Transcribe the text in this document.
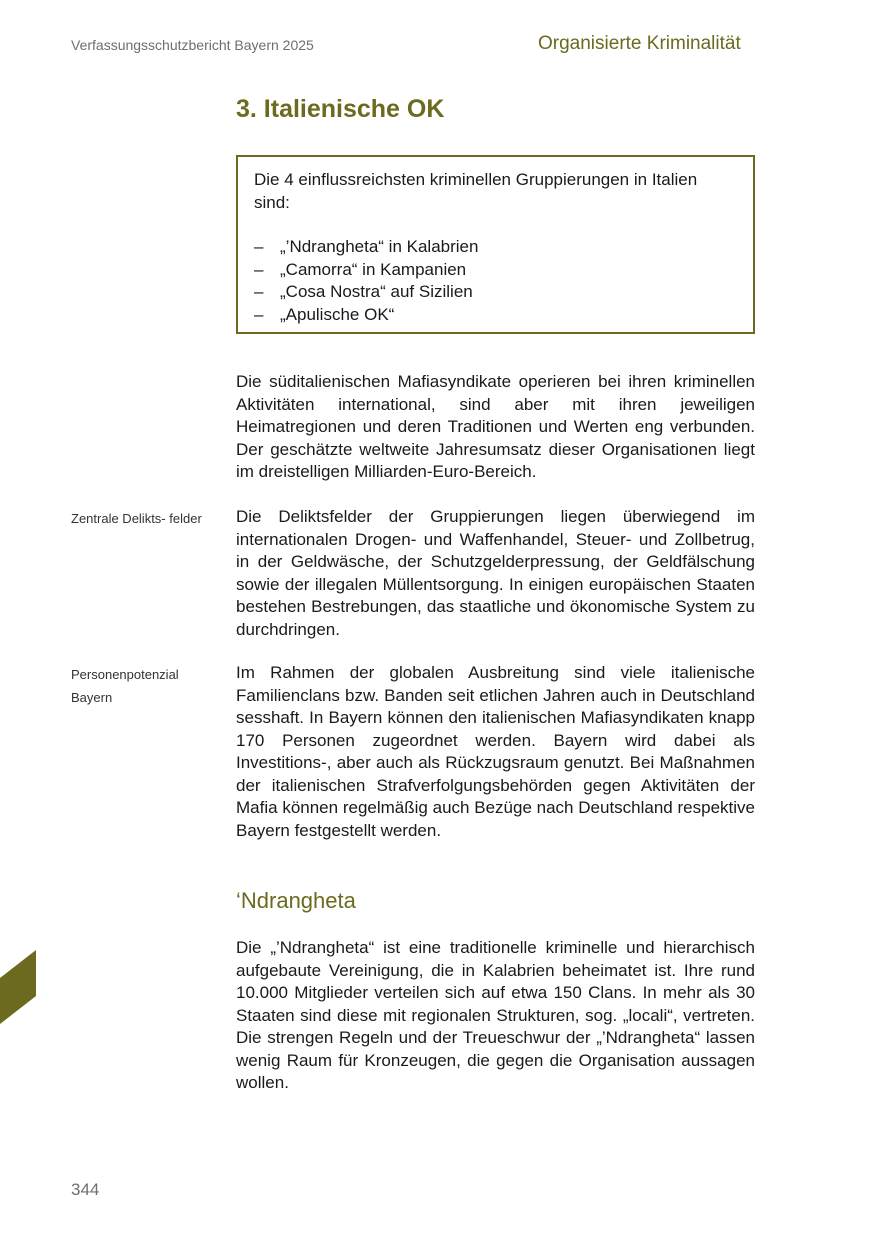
Verfassungsschutzbericht Bayern 2025	Organisierte Kriminalität
3. Italienische OK

Die 4 einflussreichsten kriminellen Gruppierungen in Italien sind:

– „’Ndrangheta“ in Kalabrien
– „Camorra“ in Kampanien
– „Cosa Nostra“ auf Sizilien
– „Apulische OK“

Die süditalienischen Mafiasyndikate operieren bei ihren kriminellen Aktivitäten international, sind aber mit ihren jeweiligen Heimatregionen und deren Traditionen und Werten eng verbunden. Der geschätzte weltweite Jahresumsatz dieser Organisationen liegt im dreistelligen Milliarden-Euro-Bereich.

Zentrale Delikts- felder	Die Deliktsfelder der Gruppierungen liegen überwiegend im internationalen Drogen- und Waffenhandel, Steuer- und Zollbetrug, in der Geldwäsche, der Schutzgelderpressung, der Geldfälschung sowie der illegalen Müllentsorgung. In einigen europäischen Staaten bestehen Bestrebungen, das staatliche und ökonomische System zu durchdringen.

Personenpotenzial Bayern

Im Rahmen der globalen Ausbreitung sind viele italienische Familienclans bzw. Banden seit etlichen Jahren auch in Deutschland sesshaft. In Bayern können den italienischen Mafiasyndikaten knapp 170 Personen zugeordnet werden. Bayern wird dabei als Investitions-, aber auch als Rückzugsraum genutzt. Bei Maßnahmen der italienischen Strafverfolgungsbehörden gegen Aktivitäten der Mafia können regelmäßig auch Bezüge nach Deutschland respektive Bayern festgestellt werden.

‘Ndrangheta

Die „’Ndrangheta“ ist eine traditionelle kriminelle und hierarchisch aufgebaute Vereinigung, die in Kalabrien beheimatet ist. Ihre rund 10.000 Mitglieder verteilen sich auf etwa 150 Clans. In mehr als 30 Staaten sind diese mit regionalen Strukturen, sog. „locali“, vertreten. Die strengen Regeln und der Treueschwur der „’Ndrangheta“ lassen wenig Raum für Kronzeugen, die gegen die Organisation aussagen wollen.

344
